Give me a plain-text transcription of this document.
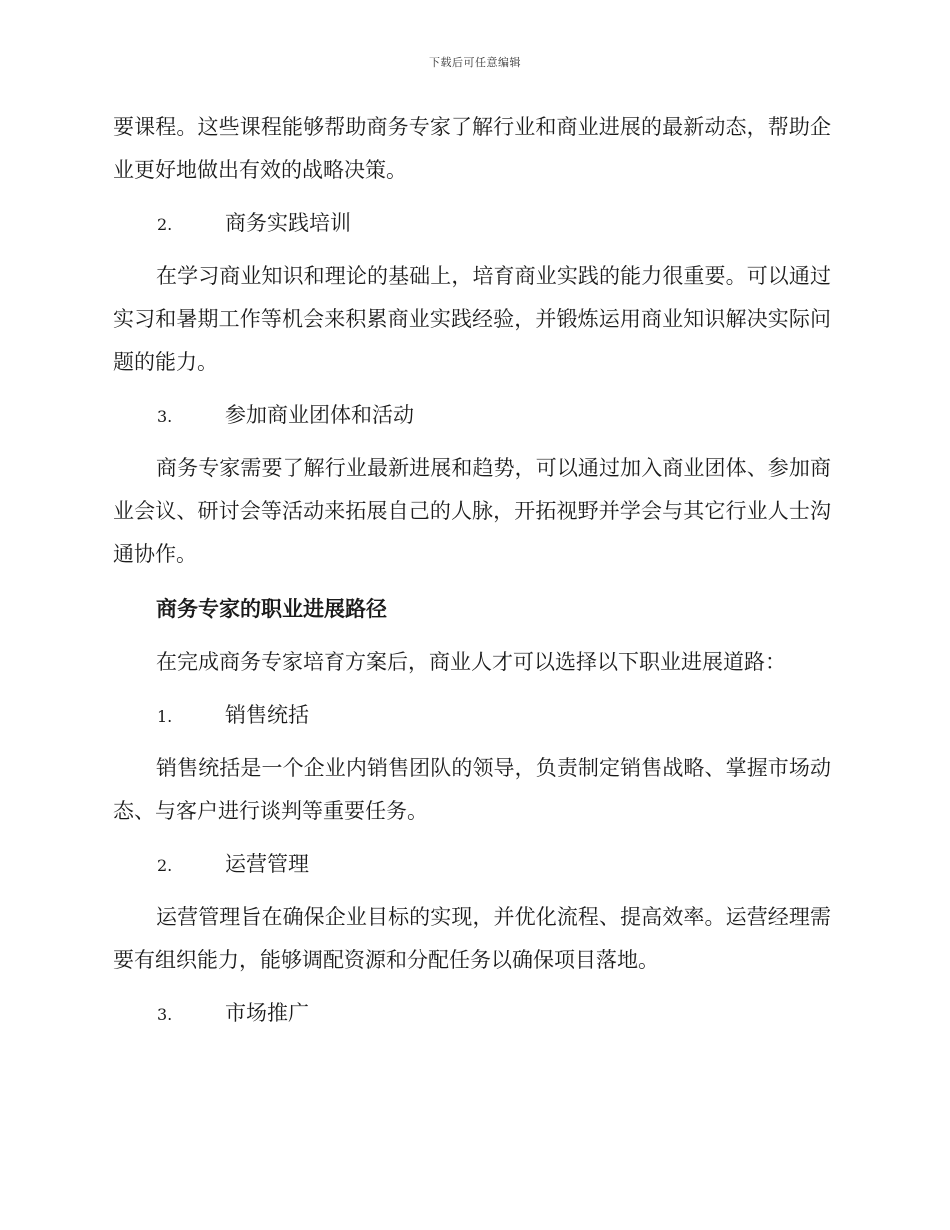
下载后可任意编辑

要课程。这些课程能够帮助商务专家了解行业和商业进展的最新动态，帮助企业更好地做出有效的战略决策。

2.	商务实践培训

在学习商业知识和理论的基础上，培育商业实践的能力很重要。可以通过实习和暑期工作等机会来积累商业实践经验，并锻炼运用商业知识解决实际问题的能力。

3.	参加商业团体和活动

商务专家需要了解行业最新进展和趋势，可以通过加入商业团体、参加商业会议、研讨会等活动来拓展自己的人脉，开拓视野并学会与其它行业人士沟通协作。

商务专家的职业进展路径

在完成商务专家培育方案后，商业人才可以选择以下职业进展道路：

1.	销售统括

销售统括是一个企业内销售团队的领导，负责制定销售战略、掌握市场动态、与客户进行谈判等重要任务。

2.	运营管理

运营管理旨在确保企业目标的实现，并优化流程、提高效率。运营经理需要有组织能力，能够调配资源和分配任务以确保项目落地。

3.	市场推广
